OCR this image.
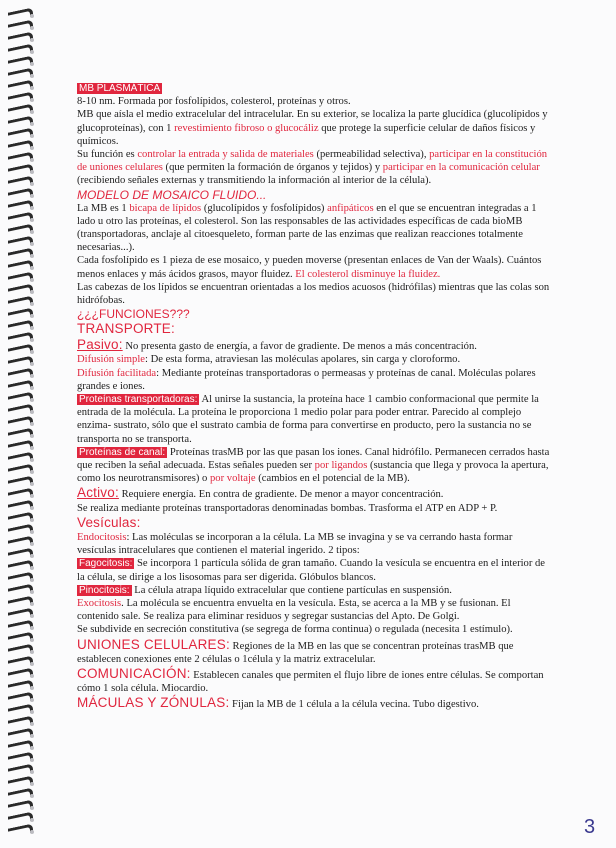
MB PLASMÁTICA

8-10 nm. Formada por fosfolípidos, colesterol, proteínas y otros.

MB que aísla el medio extracelular del intracelular. En su exterior, se localiza la parte glucídica (glucolípidos y glucoproteínas), con 1 revestimiento fibroso o glucocáliz que protege la superficie celular de daños físicos y químicos.

Su función es controlar la entrada y salida de materiales (permeabilidad selectiva), participar en la constitución de uniones celulares (que permiten la formación de órganos y tejidos) y participar en la comunicación celular (recibiendo señales externas y transmitiendo la información al interior de la célula).

MODELO DE MOSAICO FLUIDO...

La MB es 1 bicapa de lípidos (glucolípidos y fosfolípidos) anfipáticos en el que se encuentran integradas a 1 lado u otro las proteínas, el colesterol. Son las responsables de las actividades específicas de cada bioMB (transportadoras, anclaje al citoesqueleto, forman parte de las enzimas que realizan reacciones totalmente necesarias...).

Cada fosfolípido es 1 pieza de ese mosaico, y pueden moverse (presentan enlaces de Van der Waals). Cuántos menos enlaces y más ácidos grasos, mayor fluidez. El colesterol disminuye la fluidez.

Las cabezas de los lípidos se encuentran orientadas a los medios acuosos (hidrófilas) mientras que las colas son hidrófobas.

¿¿¿FUNCIONES???

TRANSPORTE:

Pasivo: No presenta gasto de energía, a favor de gradiente. De menos a más concentración.

Difusión simple: De esta forma, atraviesan las moléculas apolares, sin carga y cloroformo.

Difusión facilitada: Mediante proteínas transportadoras o permeasas y proteínas de canal. Moléculas polares grandes e iones.

Proteínas transportadoras: Al unirse la sustancia, la proteína hace 1 cambio conformacional que permite la entrada de la molécula. La proteína le proporciona 1 medio polar para poder entrar. Parecido al complejo enzima- sustrato, sólo que el sustrato cambia de forma para convertirse en producto, pero la sustancia no se transporta no se transporta.

Proteínas de canal: Proteínas trasMB por las que pasan los iones. Canal hidrófilo. Permanecen cerrados hasta que reciben la señal adecuada. Estas señales pueden ser por ligandos (sustancia que llega y provoca la apertura, como los neurotransmisores) o por voltaje (cambios en el potencial de la MB).

Activo: Requiere energía. En contra de gradiente. De menor a mayor concentración.

Se realiza mediante proteínas transportadoras denominadas bombas. Trasforma el ATP en ADP + P.

Vesículas:

Endocitosis: Las moléculas se incorporan a la célula. La MB se invagina y se va cerrando hasta formar vesículas intracelulares que contienen el material ingerido. 2 tipos:

Fagocitosis: Se incorpora 1 partícula sólida de gran tamaño. Cuando la vesícula se encuentra en el interior de la célula, se dirige a los lisosomas para ser digerida. Glóbulos blancos.

Pinocitosis: La célula atrapa líquido extracelular que contiene partículas en suspensión.

Exocitosis. La molécula se encuentra envuelta en la vesícula. Esta, se acerca a la MB y se fusionan. El contenido sale. Se realiza para eliminar residuos y segregar sustancias del Apto. De Golgi.

Se subdivide en secreción constitutiva (se segrega de forma continua) o regulada (necesita 1 estímulo).

UNIONES CELULARES: Regiones de la MB en las que se concentran proteínas trasMB que establecen conexiones ente 2 células o 1célula y la matriz extracelular.

COMUNICACIÓN: Establecen canales que permiten el flujo libre de iones entre células. Se comportan cómo 1 sola célula. Miocardio.

MÁCULAS Y ZÓNULAS: Fijan la MB de 1 célula a la célula vecina. Tubo digestivo.

3
